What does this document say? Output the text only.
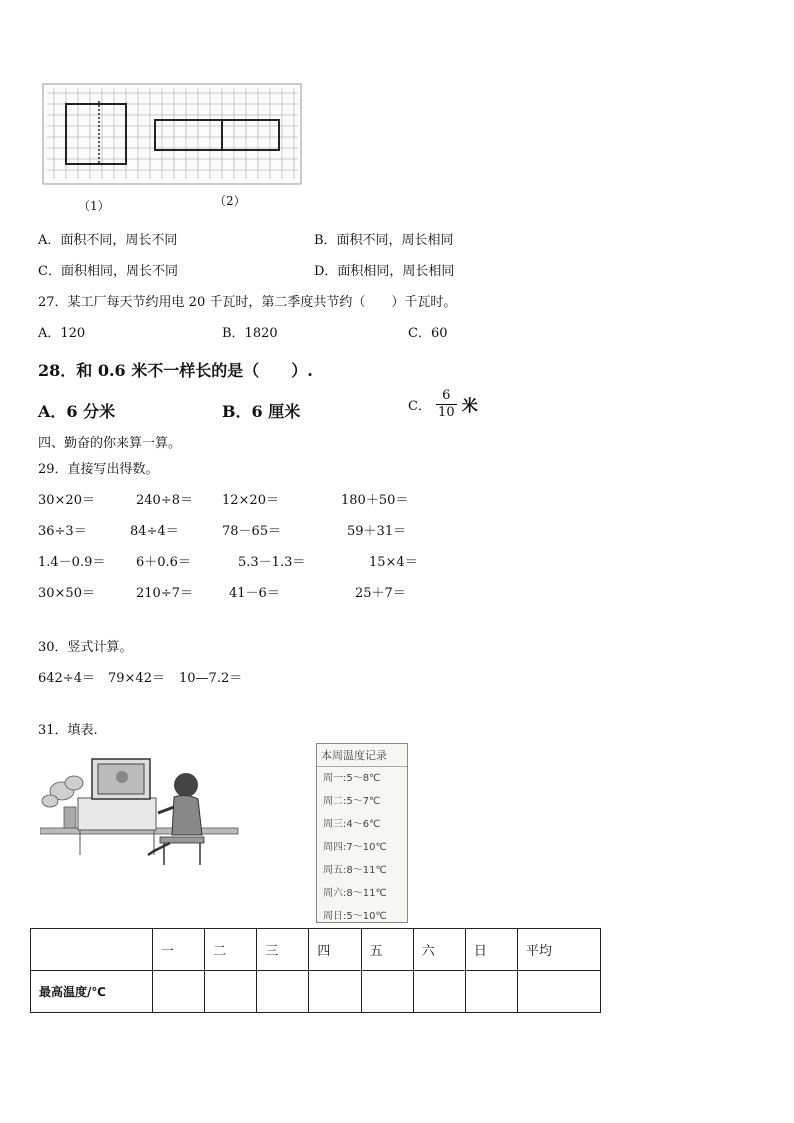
（1）	（2）
A．面积不同，周长不同	B．面积不同，周长相同
C．面积相同，周长不同	D．面积相同，周长相同
27．某工厂每天节约用电 20 千瓦时，第二季度共节约（　　）千瓦时。
A．120	B．1820	C．60
28．和 0.6 米不一样长的是（　　）.
A．6 分米	B．6 厘米	C． $\frac{6}{10}$ 米
四、勤奋的你来算一算。
29．直接写出得数。
30×20＝	240÷8＝ 12×20＝	180＋50＝
36÷3＝	84÷4＝	78－65＝	59＋31＝
1.4－0.9＝ 6＋0.6＝	5.3－1.3＝	15×4＝
30×50＝	210÷7＝	41－6＝	25＋7＝
30．竖式计算。
642÷4＝ 79×42＝ 10—7.2＝
31．填表.
本周温度记录
周一:5～8℃
周二:5～7℃
周三:4～6℃
周四:7～10℃
周五:8～11℃
周六:8～11℃
周日:5～10℃
	一	二	三	四	五	六	日	平均
最高温度/℃								
